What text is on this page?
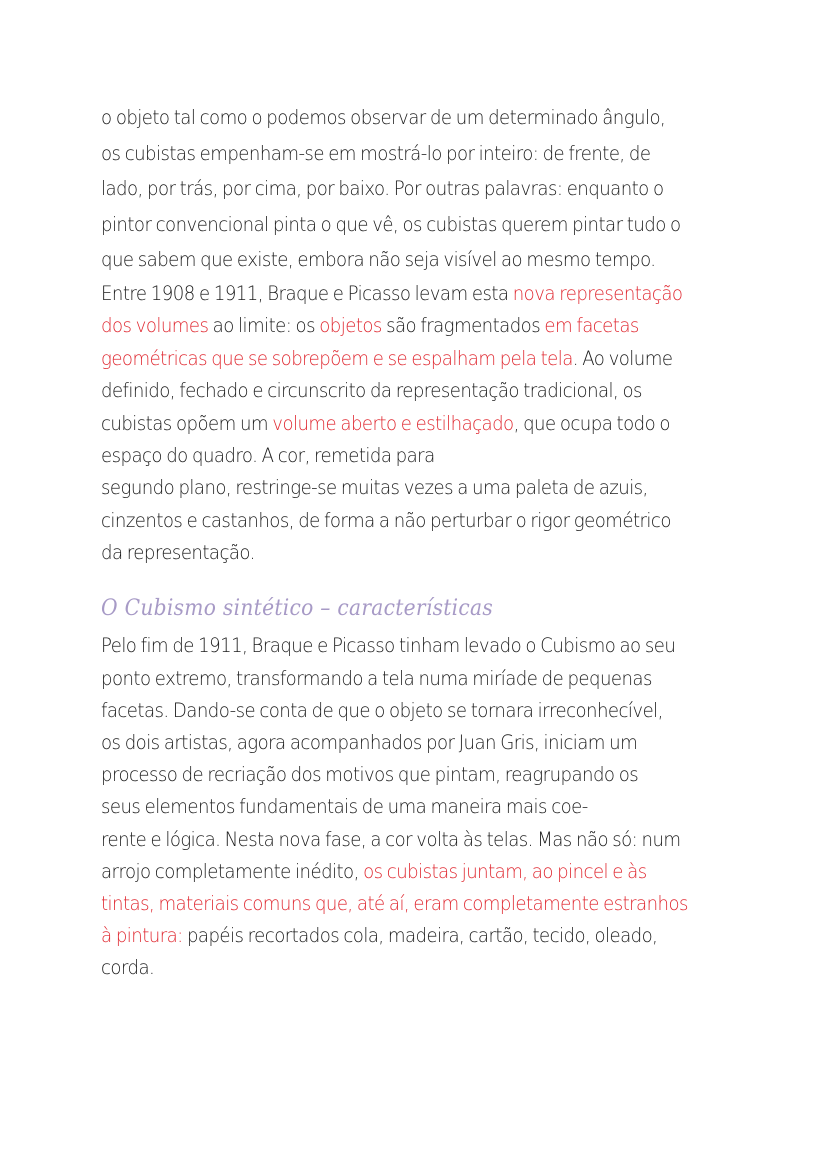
o objeto tal como o podemos observar de um determinado ângulo,
os cubistas empenham-se em mostrá-lo por inteiro: de frente, de
lado, por trás, por cima, por baixo. Por outras palavras: enquanto o
pintor convencional pinta o que vê, os cubistas querem pintar tudo o
que sabem que existe, embora não seja visível ao mesmo tempo.
Entre 1908 e 1911, Braque e Picasso levam esta nova representação
dos volumes ao limite: os objetos são fragmentados em facetas
geométricas que se sobrepõem e se espalham pela tela. Ao volume
definido, fechado e circunscrito da representação tradicional, os
cubistas opõem um volume aberto e estilhaçado, que ocupa todo o
espaço do quadro. A cor, remetida para
segundo plano, restringe-se muitas vezes a uma paleta de azuis,
cinzentos e castanhos, de forma a não perturbar o rigor geométrico
da representação.
O Cubismo sintético – características
Pelo fim de 1911, Braque e Picasso tinham levado o Cubismo ao seu
ponto extremo, transformando a tela numa miríade de pequenas
facetas. Dando-se conta de que o objeto se tornara irreconhecível,
os dois artistas, agora acompanhados por Juan Gris, iniciam um
processo de recriação dos motivos que pintam, reagrupando os
seus elementos fundamentais de uma maneira mais coe-
rente e lógica. Nesta nova fase, a cor volta às telas. Mas não só: num
arrojo completamente inédito, os cubistas juntam, ao pincel e às
tintas, materiais comuns que, até aí, eram completamente estranhos
à pintura: papéis recortados cola, madeira, cartão, tecido, oleado,
corda.
